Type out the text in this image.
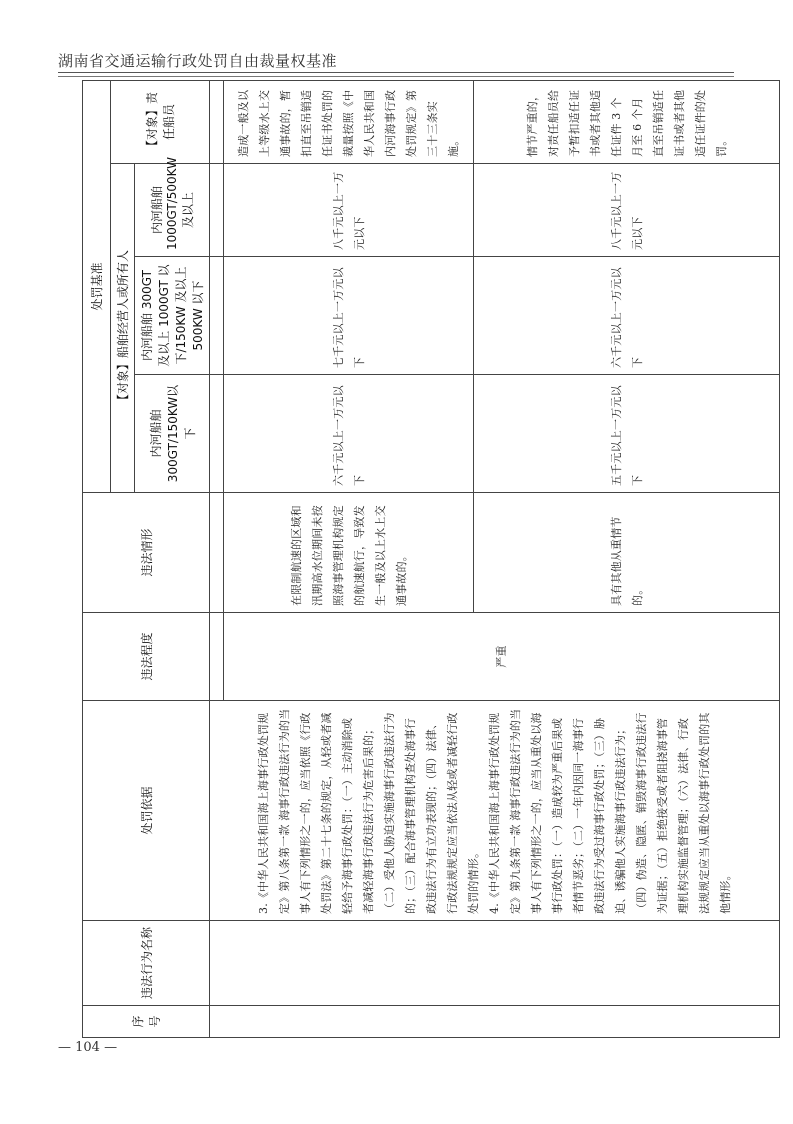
湖南省交通运输行政处罚自由裁量权基准
序号	违法行为名称	处罚依据	违法程度	违法情形	处罚基准			
					【对象】船舶经营人或所有人			【对象】责任船员
					内河船舶300GT/150KW以下	内河船舶 300GT 及以上 1000GT 以下/150KW 及以上500KW 以下	内河船舶1000GT/500KW及以上	

		3.《中华人民共和国海上海事行政处罚规定》第八条第一款 海事行政违法行为的当事人有下列情形之一的，应当依照《行政处罚法》第二十七条的规定，从轻或者减轻给予海事行政处罚：（一）主动消除或者减轻海事行政违法行为危害后果的；（二）受他人胁迫实施海事行政违法行为的；（三）配合海事管理机构查处海事行政违法行为有立功表现的；（四）法律、行政法规规定应当依法从轻或者减轻行政处罚的情形。 4.《中华人民共和国海上海事行政处罚规定》第九条第一款 海事行政违法行为的当事人有下列情形之一的，应当从重处以海事行政处罚：（一）造成较为严重后果或者情节恶劣；（二）一年内因同一海事行政违法行为受过海事行政处罚；（三）胁迫、诱骗他人实施海事行政违法行为；（四）伪造、隐匿、销毁海事行政违法行为证据；（五）拒绝接受或者阻挠海事管理机构实施监督管理；（六）法律、行政法规规定应当从重处以海事行政处罚的其他情形。						

			严重	在限制航速的区域和汛期高水位期间未按照海事管理机构规定的航速航行，导致发生一般及以上水上交通事故的。	六千元以上一万元以下	七千元以上一万元以下	八千元以上一万元以下	造成一般及以上等级水上交通事故的，暂扣直至吊销适任证书处罚的裁量按照《中华人民共和国内河海事行政处罚规定》第三十三条实施。
				具有其他从重情节的。	五千元以上一万元以下	六千元以上一万元以下	八千元以上一万元以下	情节严重的，对责任船员给予暂扣适任证书或者其他适任证件 3 个月至 6 个月直至吊销适任证书或者其他适任证件的处罚。
— 104 —
